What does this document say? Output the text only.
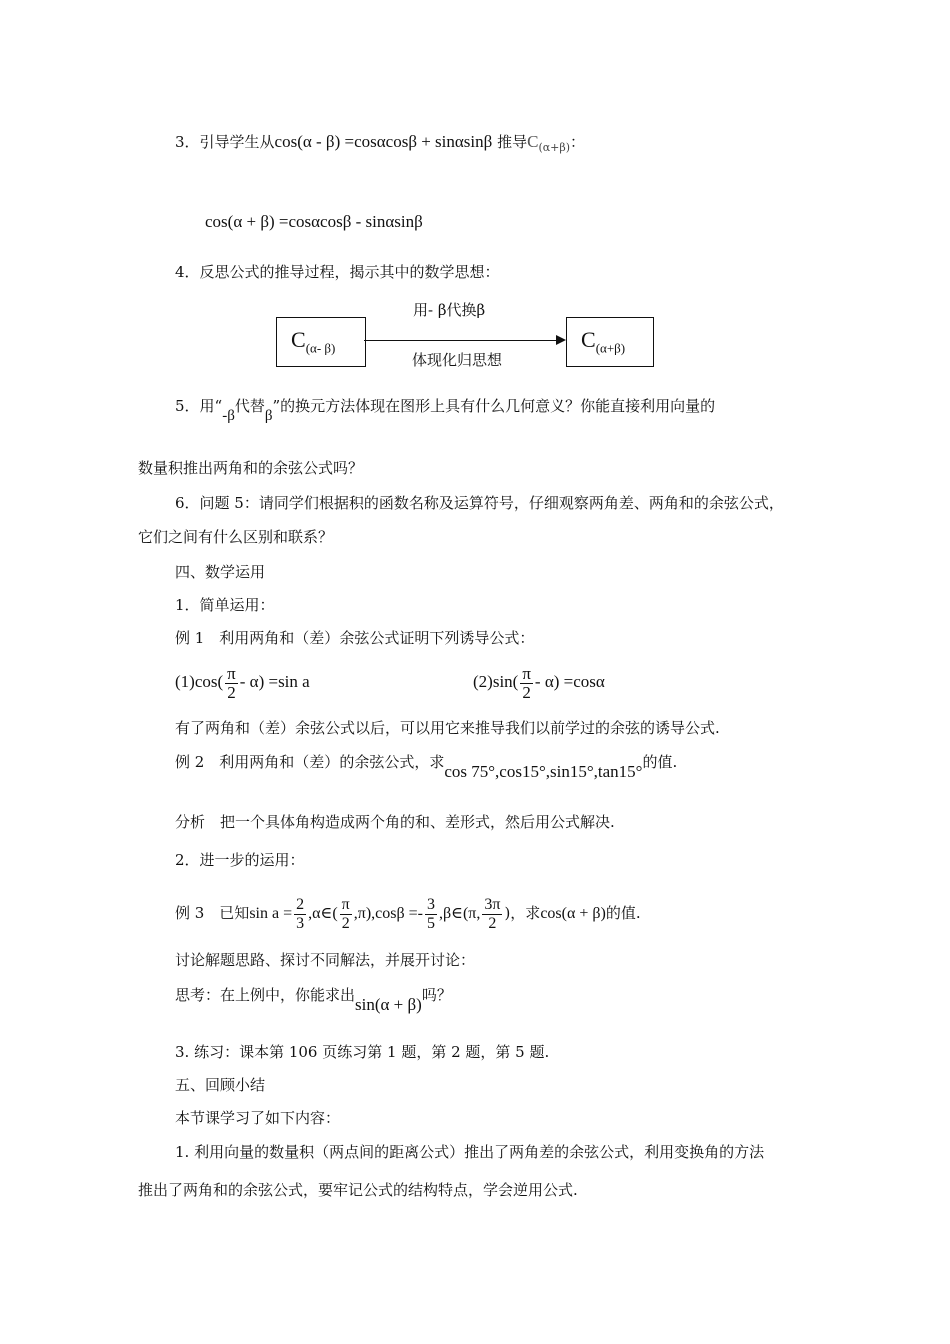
3．引导学生从cos(α - β) =cosαcosβ + sinαsinβ 推导$C_{(\alpha+\beta)}$：
cos(α + β) =cosαcosβ - sinαsinβ
4．反思公式的推导过程，揭示其中的数学思想：
$C_{(\alpha- \beta)}$
用- β代换β
体现化归思想
$C_{(\alpha+\beta)}$
5．用“-β代替β”的换元方法体现在图形上具有什么几何意义？你能直接利用向量的
数量积推出两角和的余弦公式吗？
6．问题 5：请同学们根据积的函数名称及运算符号，仔细观察两角差、两角和的余弦公式，
它们之间有什么区别和联系？
四、数学运用
1．简单运用：
例 1　利用两角和（差）余弦公式证明下列诱导公式：
$(1)\cos( \frac{\pi}{2} - \alpha) =\sin$ a	$(2)\sin( \frac{\pi}{2} - \alpha) =\cos\alpha$
有了两角和（差）余弦公式以后，可以用它来推导我们以前学过的余弦的诱导公式.
例 2　利用两角和（差）的余弦公式，求cos 75°,cos15°,sin15°,tan15°的值.
分析　把一个具体角构造成两个角的和、差形式，然后用公式解决.
2．进一步的运用：
例 3　已知$\sin a = \frac{2}{3}$ ,α∈( $\frac{\pi}{2} ,\pi),\cos\beta =- \frac{3}{5}$ ,β∈(π, $\frac{3\pi}{2}$ )，求cos(α + β)的值.
讨论解题思路、探讨不同解法，并展开讨论：
思考：在上例中，你能求出sin(α + β)吗？
3. 练习：课本第 106 页练习第 1 题，第 2 题，第 5 题.
五、回顾小结
本节课学习了如下内容：
1. 利用向量的数量积（两点间的距离公式）推出了两角差的余弦公式，利用变换角的方法
推出了两角和的余弦公式，要牢记公式的结构特点，学会逆用公式.
